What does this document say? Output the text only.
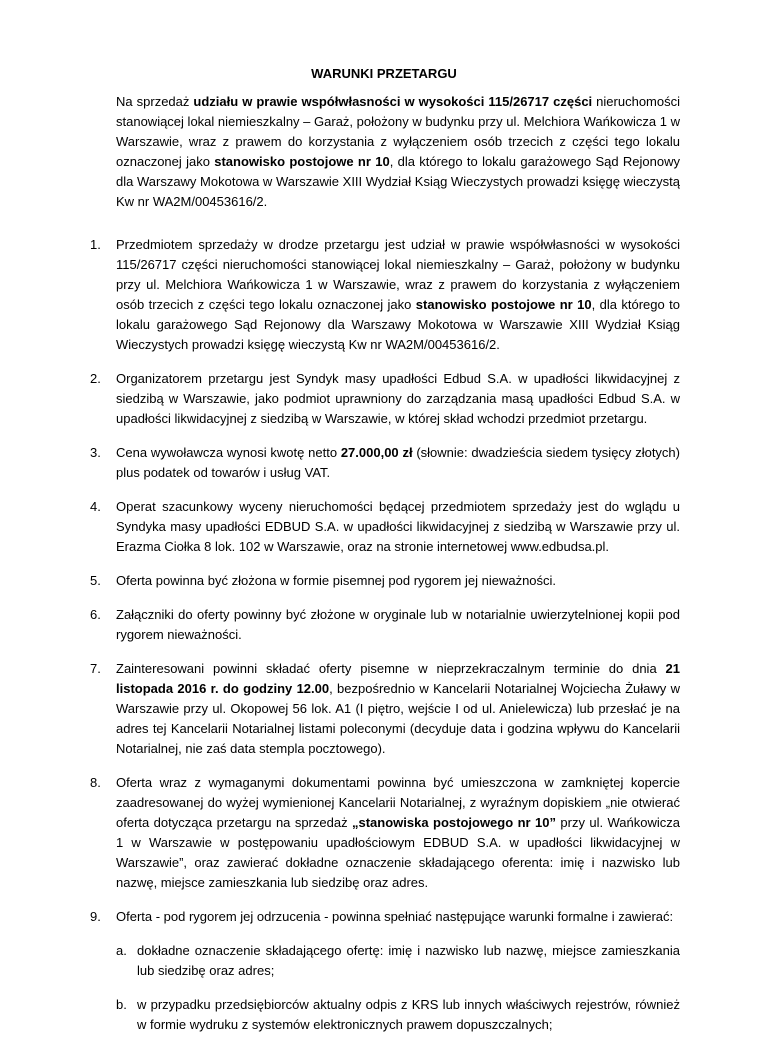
WARUNKI PRZETARGU

Na sprzedaż udziału w prawie współwłasności w wysokości 115/26717 części nieruchomości stanowiącej lokal niemieszkalny – Garaż, położony w budynku przy ul. Melchiora Wańkowicza 1 w Warszawie, wraz z prawem do korzystania z wyłączeniem osób trzecich z części tego lokalu oznaczonej jako stanowisko postojowe nr 10, dla którego to lokalu garażowego Sąd Rejonowy dla Warszawy Mokotowa w Warszawie XIII Wydział Ksiąg Wieczystych prowadzi księgę wieczystą Kw nr WA2M/00453616/2.

1.	Przedmiotem sprzedaży w drodze przetargu jest udział w prawie współwłasności w wysokości 115/26717 części nieruchomości stanowiącej lokal niemieszkalny – Garaż, położony w budynku przy ul. Melchiora Wańkowicza 1 w Warszawie, wraz z prawem do korzystania z wyłączeniem osób trzecich z części tego lokalu oznaczonej jako stanowisko postojowe nr 10, dla którego to lokalu garażowego Sąd Rejonowy dla Warszawy Mokotowa w Warszawie XIII Wydział Ksiąg Wieczystych prowadzi księgę wieczystą Kw nr WA2M/00453616/2.
2.	Organizatorem przetargu jest Syndyk masy upadłości Edbud S.A. w upadłości likwidacyjnej z siedzibą w Warszawie, jako podmiot uprawniony do zarządzania masą upadłości Edbud S.A. w upadłości likwidacyjnej z siedzibą w Warszawie, w której skład wchodzi przedmiot przetargu.
3.	Cena wywoławcza wynosi kwotę netto 27.000,00 zł (słownie: dwadzieścia siedem tysięcy złotych) plus podatek od towarów i usług VAT.
4.	Operat szacunkowy wyceny nieruchomości będącej przedmiotem sprzedaży jest do wglądu u Syndyka masy upadłości EDBUD S.A. w upadłości likwidacyjnej z siedzibą w Warszawie przy ul. Erazma Ciołka 8 lok. 102 w Warszawie, oraz na stronie internetowej www.edbudsa.pl.
5.	Oferta powinna być złożona w formie pisemnej pod rygorem jej nieważności.
6.	Załączniki do oferty powinny być złożone w oryginale lub w notarialnie uwierzytelnionej kopii pod rygorem nieważności.
7.	Zainteresowani powinni składać oferty pisemne w nieprzekraczalnym terminie do dnia 21 listopada 2016 r. do godziny 12.00, bezpośrednio w Kancelarii Notarialnej Wojciecha Żuławy w Warszawie przy ul. Okopowej 56 lok. A1 (I piętro, wejście I od ul. Anielewicza) lub przesłać je na adres tej Kancelarii Notarialnej listami poleconymi (decyduje data i godzina wpływu do Kancelarii Notarialnej, nie zaś data stempla pocztowego).
8.	Oferta wraz z wymaganymi dokumentami powinna być umieszczona w zamkniętej kopercie zaadresowanej do wyżej wymienionej Kancelarii Notarialnej, z wyraźnym dopiskiem „nie otwierać oferta dotycząca przetargu na sprzedaż „stanowiska postojowego nr 10” przy ul. Wańkowicza 1 w Warszawie w postępowaniu upadłościowym EDBUD S.A. w upadłości likwidacyjnej w Warszawie”, oraz zawierać dokładne oznaczenie składającego oferenta: imię i nazwisko lub nazwę, miejsce zamieszkania lub siedzibę oraz adres.
9.	Oferta - pod rygorem jej odrzucenia - powinna spełniać następujące warunki formalne i zawierać:
a. dokładne oznaczenie składającego ofertę: imię i nazwisko lub nazwę, miejsce zamieszkania lub siedzibę oraz adres;
b. w przypadku przedsiębiorców aktualny odpis z KRS lub innych właściwych rejestrów, również w formie wydruku z systemów elektronicznych prawem dopuszczalnych;
